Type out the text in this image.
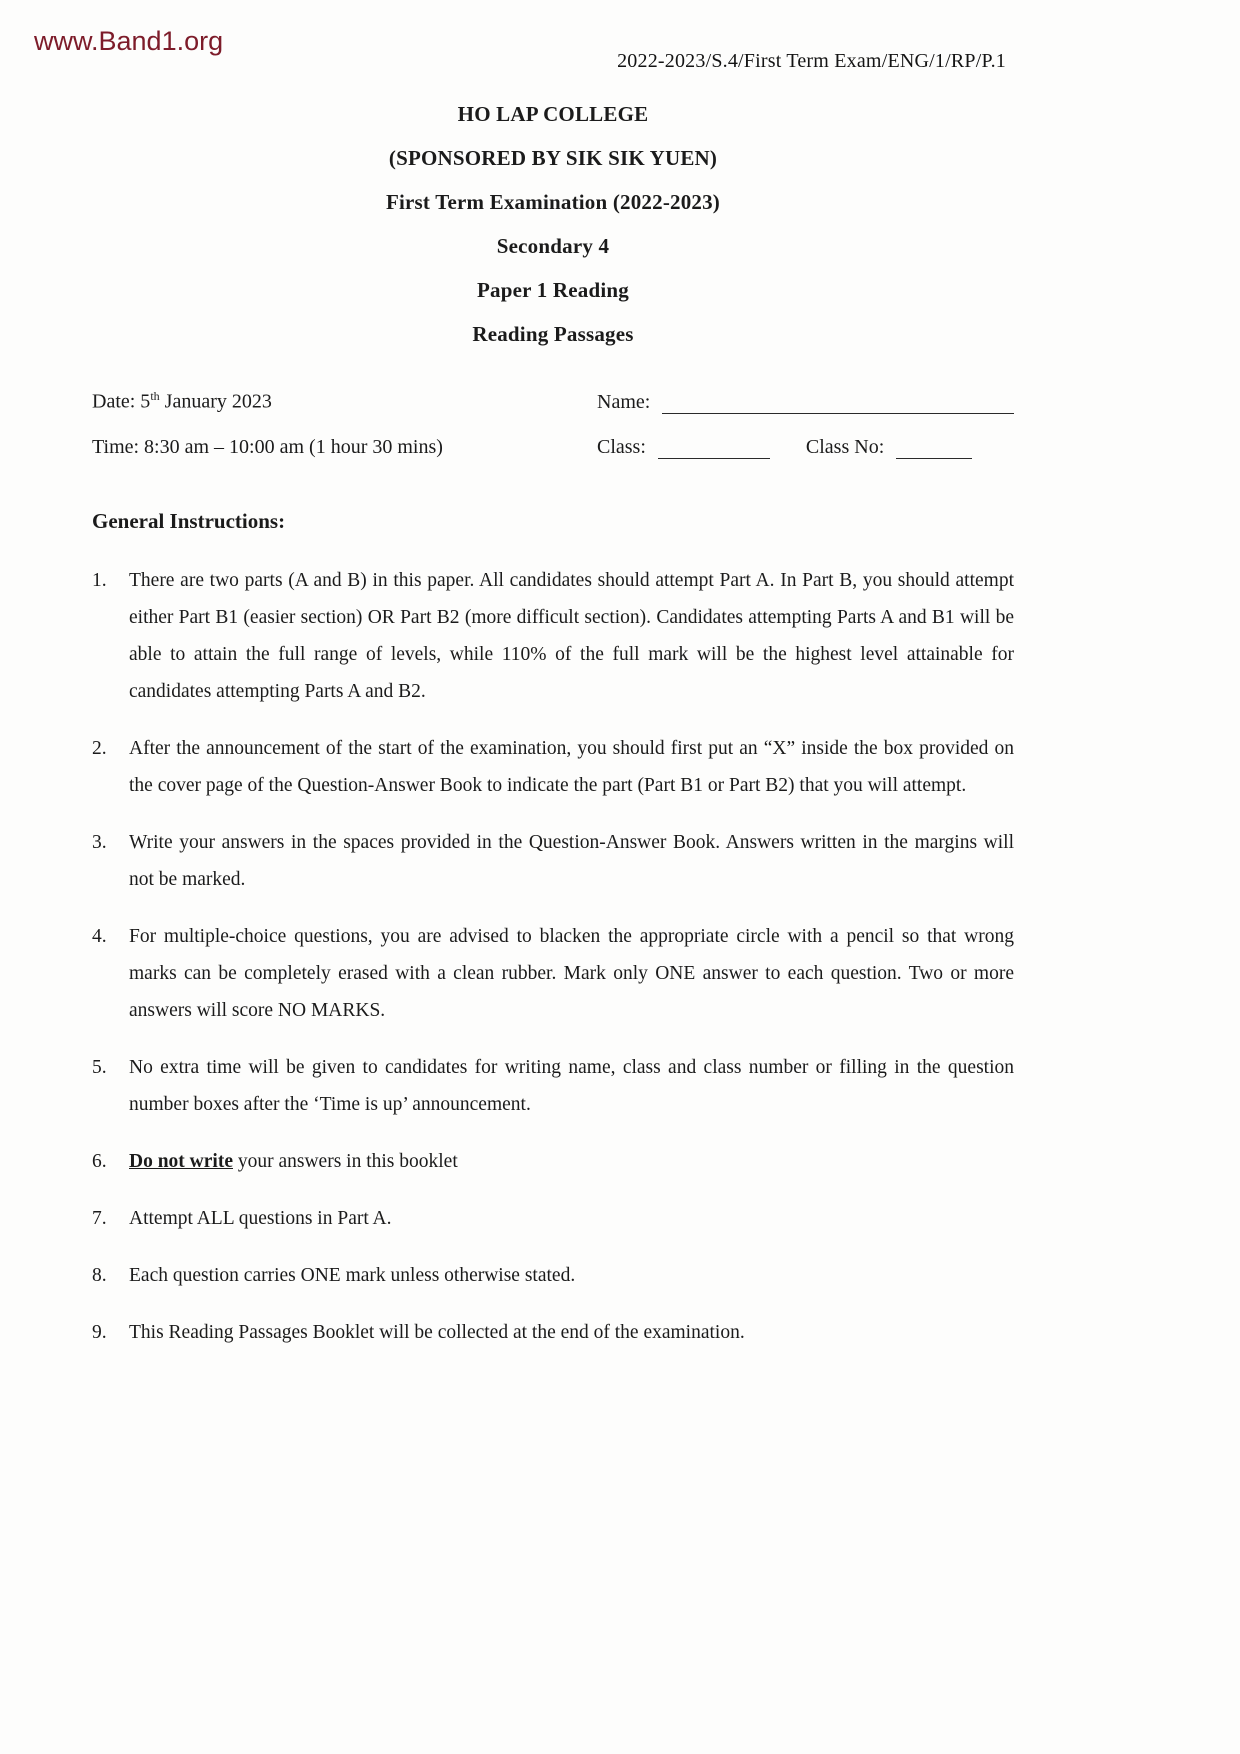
www.Band1.org
2022-2023/S.4/First Term Exam/ENG/1/RP/P.1
HO LAP COLLEGE
(SPONSORED BY SIK SIK YUEN)
First Term Examination (2022-2023)
Secondary 4
Paper 1 Reading
Reading Passages
Date: 5th January 2023	Name:
Time: 8:30 am – 10:00 am (1 hour 30 mins)	Class:	Class No:
General Instructions:
1.	There are two parts (A and B) in this paper. All candidates should attempt Part A. In Part B, you should attempt either Part B1 (easier section) OR Part B2 (more difficult section). Candidates attempting Parts A and B1 will be able to attain the full range of levels, while 110% of the full mark will be the highest level attainable for candidates attempting Parts A and B2.
2.	After the announcement of the start of the examination, you should first put an “X” inside the box provided on the cover page of the Question-Answer Book to indicate the part (Part B1 or Part B2) that you will attempt.
3.	Write your answers in the spaces provided in the Question-Answer Book. Answers written in the margins will not be marked.
4.	For multiple-choice questions, you are advised to blacken the appropriate circle with a pencil so that wrong marks can be completely erased with a clean rubber. Mark only ONE answer to each question. Two or more answers will score NO MARKS.
5.	No extra time will be given to candidates for writing name, class and class number or filling in the question number boxes after the ‘Time is up’ announcement.
6.	Do not write your answers in this booklet
7.	Attempt ALL questions in Part A.
8.	Each question carries ONE mark unless otherwise stated.
9.	This Reading Passages Booklet will be collected at the end of the examination.
